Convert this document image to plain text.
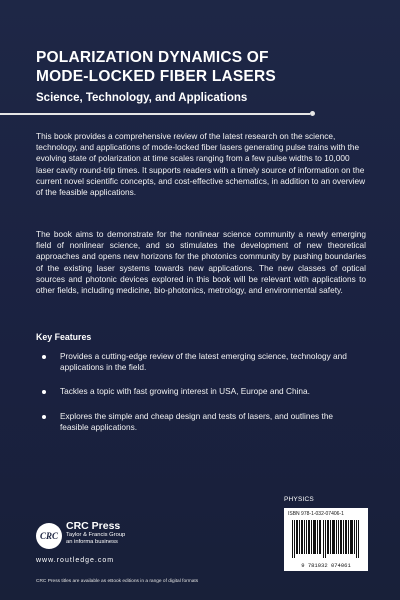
POLARIZATION DYNAMICS OF
MODE-LOCKED FIBER LASERS

Science, Technology, and Applications

This book provides a comprehensive review of the latest research on the science, technology, and applications of mode-locked fiber lasers generating pulse trains with the evolving state of polarization at time scales ranging from a few pulse widths to 10,000 laser cavity round-trip times. It supports readers with a timely source of information on the current novel scientific concepts, and cost-effective schematics, in addition to an overview of the feasible applications.

The book aims to demonstrate for the nonlinear science community a newly emerging field of nonlinear science, and so stimulates the development of new theoretical approaches and opens new horizons for the photonics community by pushing boundaries of the existing laser systems towards new applications. The new classes of optical sources and photonic devices explored in this book will be relevant with applications to other fields, including medicine, bio-photonics, metrology, and environmental safety.

Key Features

Provides a cutting-edge review of the latest emerging science, technology and applications in the field.
Tackles a topic with fast growing interest in USA, Europe and China.
Explores the simple and cheap design and tests of lasers, and outlines the feasible applications.
PHYSICS

ISBN 978-1-032-07406-1

9 781032 074061
CRC

CRC Press

Taylor & Francis Group

an informa business

www.routledge.com
CRC Press titles are available as eBook editions in a range of digital formats
